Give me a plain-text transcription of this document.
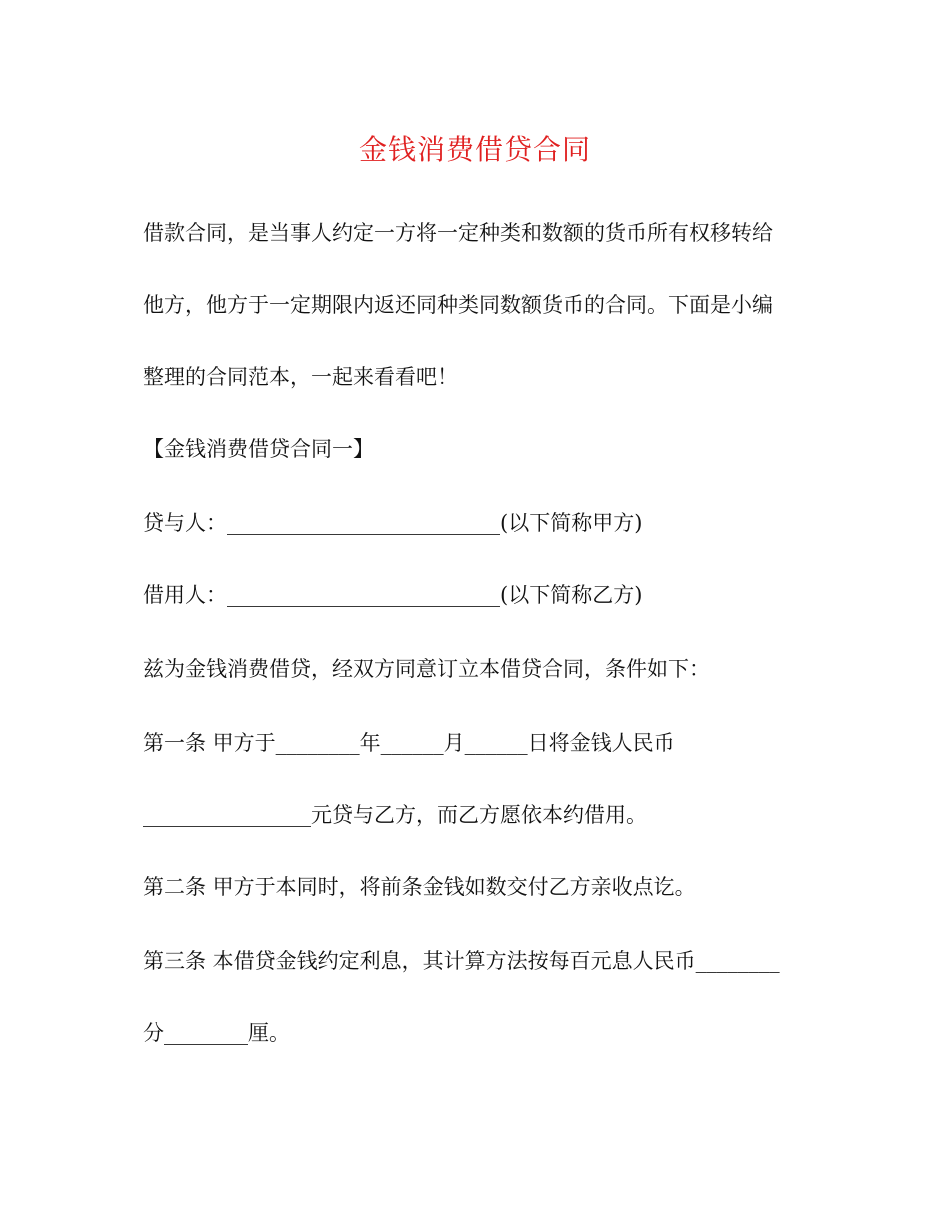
金钱消费借贷合同
借款合同，是当事人约定一方将一定种类和数额的货币所有权移转给
他方，他方于一定期限内返还同种类同数额货币的合同。下面是小编
整理的合同范本，一起来看看吧！
【金钱消费借贷合同一】
贷与人：__________________________(以下简称甲方)
借用人：__________________________(以下简称乙方)
兹为金钱消费借贷，经双方同意订立本借贷合同，条件如下：
第一条 甲方于________年______月______日将金钱人民币
________________元贷与乙方，而乙方愿依本约借用。
第二条 甲方于本同时，将前条金钱如数交付乙方亲收点讫。
第三条 本借贷金钱约定利息，其计算方法按每百元息人民币________
分________厘。
